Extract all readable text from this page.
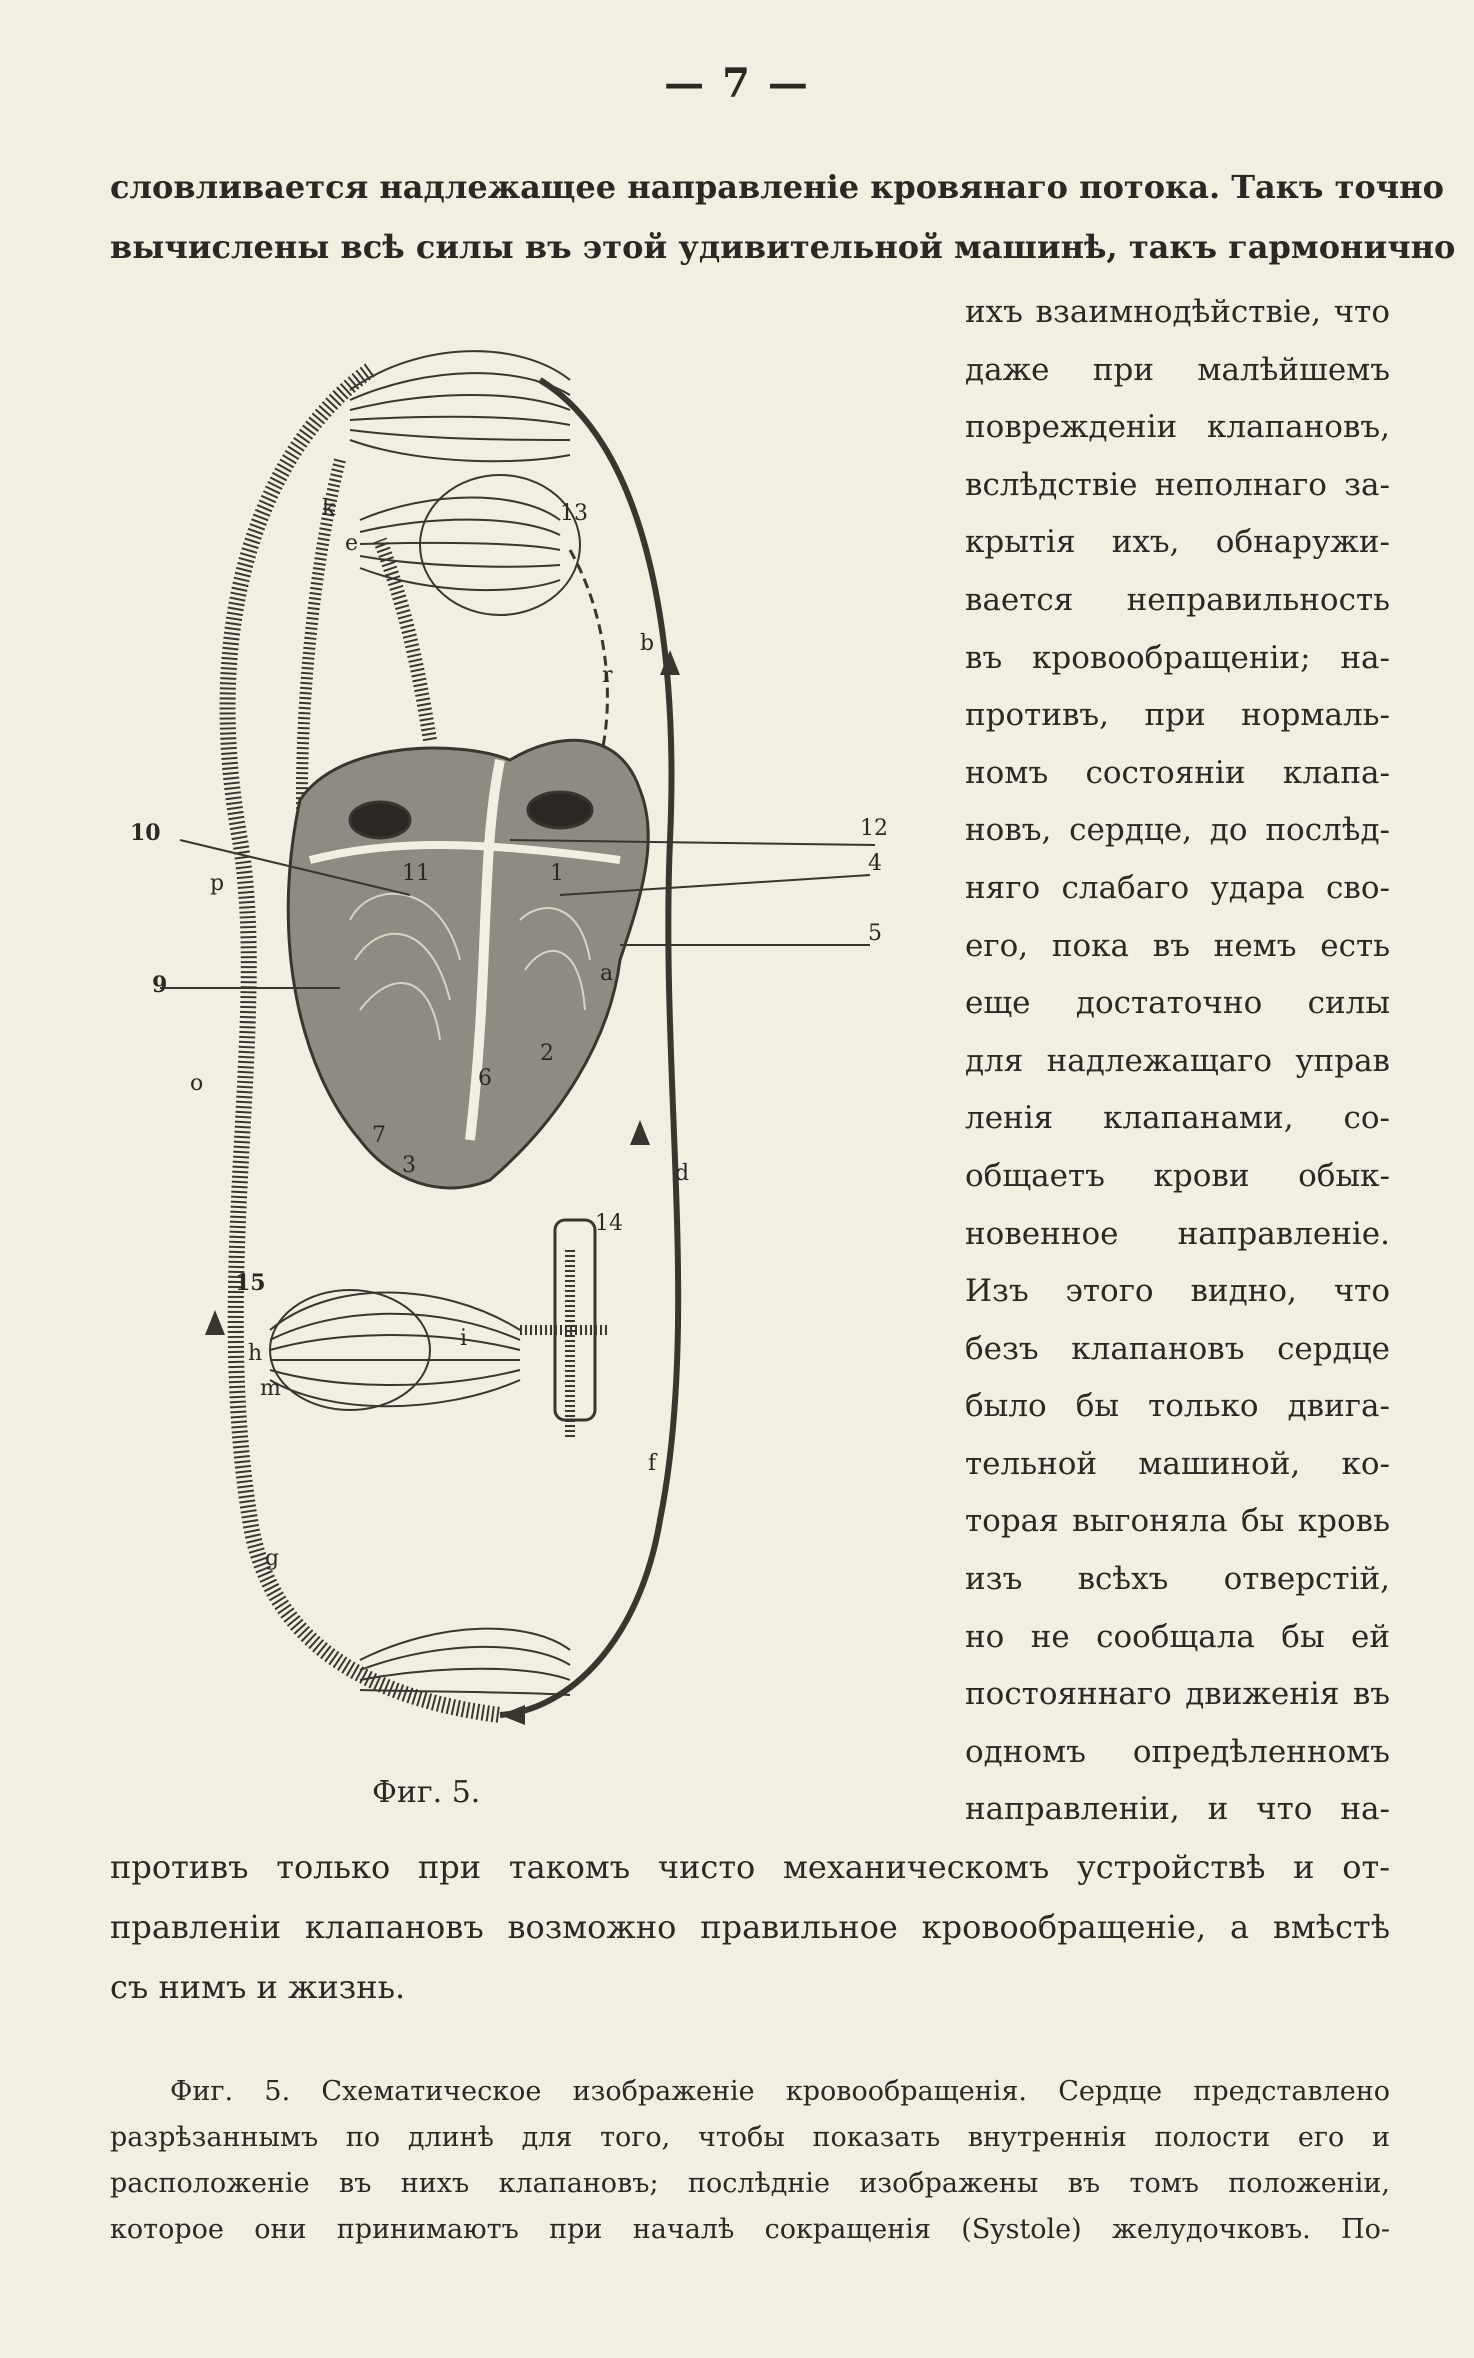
— 7 —
словливается надлежащее направленіе кровянаго потока. Такъ точно
вычислены всѣ силы въ этой удивительной машинѣ, такъ гармонично
ихъ взаимнодѣйствіе, что
даже при малѣйшемъ
поврежденіи клапановъ,
вслѣдствіе неполнаго за-
крытія ихъ, обнаружи-
вается неправильность
въ кровообращеніи; на-
противъ, при нормаль-
номъ состояніи клапа-
новъ, сердце, до послѣд-
няго слабаго удара сво-
его, пока въ немъ есть
еще достаточно силы
для надлежащаго управ
ленія клапанами, со-
общаетъ крови обык-
новенное направленіе.
Изъ этого видно, что
безъ клапановъ сердце
было бы только двига-
тельной машиной, ко-
торая выгоняла бы кровь
изъ всѣхъ отверстій,
но не сообщала бы ей
постояннаго движенія въ
одномъ опредѣленномъ
направленіи, и что на-
1
2
3
4
5
6
7
9
10
11
12
13
14
15
a
b
d
e
f
g
h
r
p
o
i
m
k
Фиг. 5.
противъ только при такомъ чисто механическомъ устройствѣ и от-
правленіи клапановъ возможно правильное кровообращеніе, а вмѣстѣ
съ нимъ и жизнь.
Фиг. 5. Схематическое изображеніе кровообращенія. Сердце представлено
разрѣзаннымъ по длинѣ для того, чтобы показать внутреннія полости его и
расположеніе въ нихъ клапановъ; послѣдніе изображены въ томъ положеніи,
которое они принимаютъ при началѣ сокращенія (Systole) желудочковъ. По-
